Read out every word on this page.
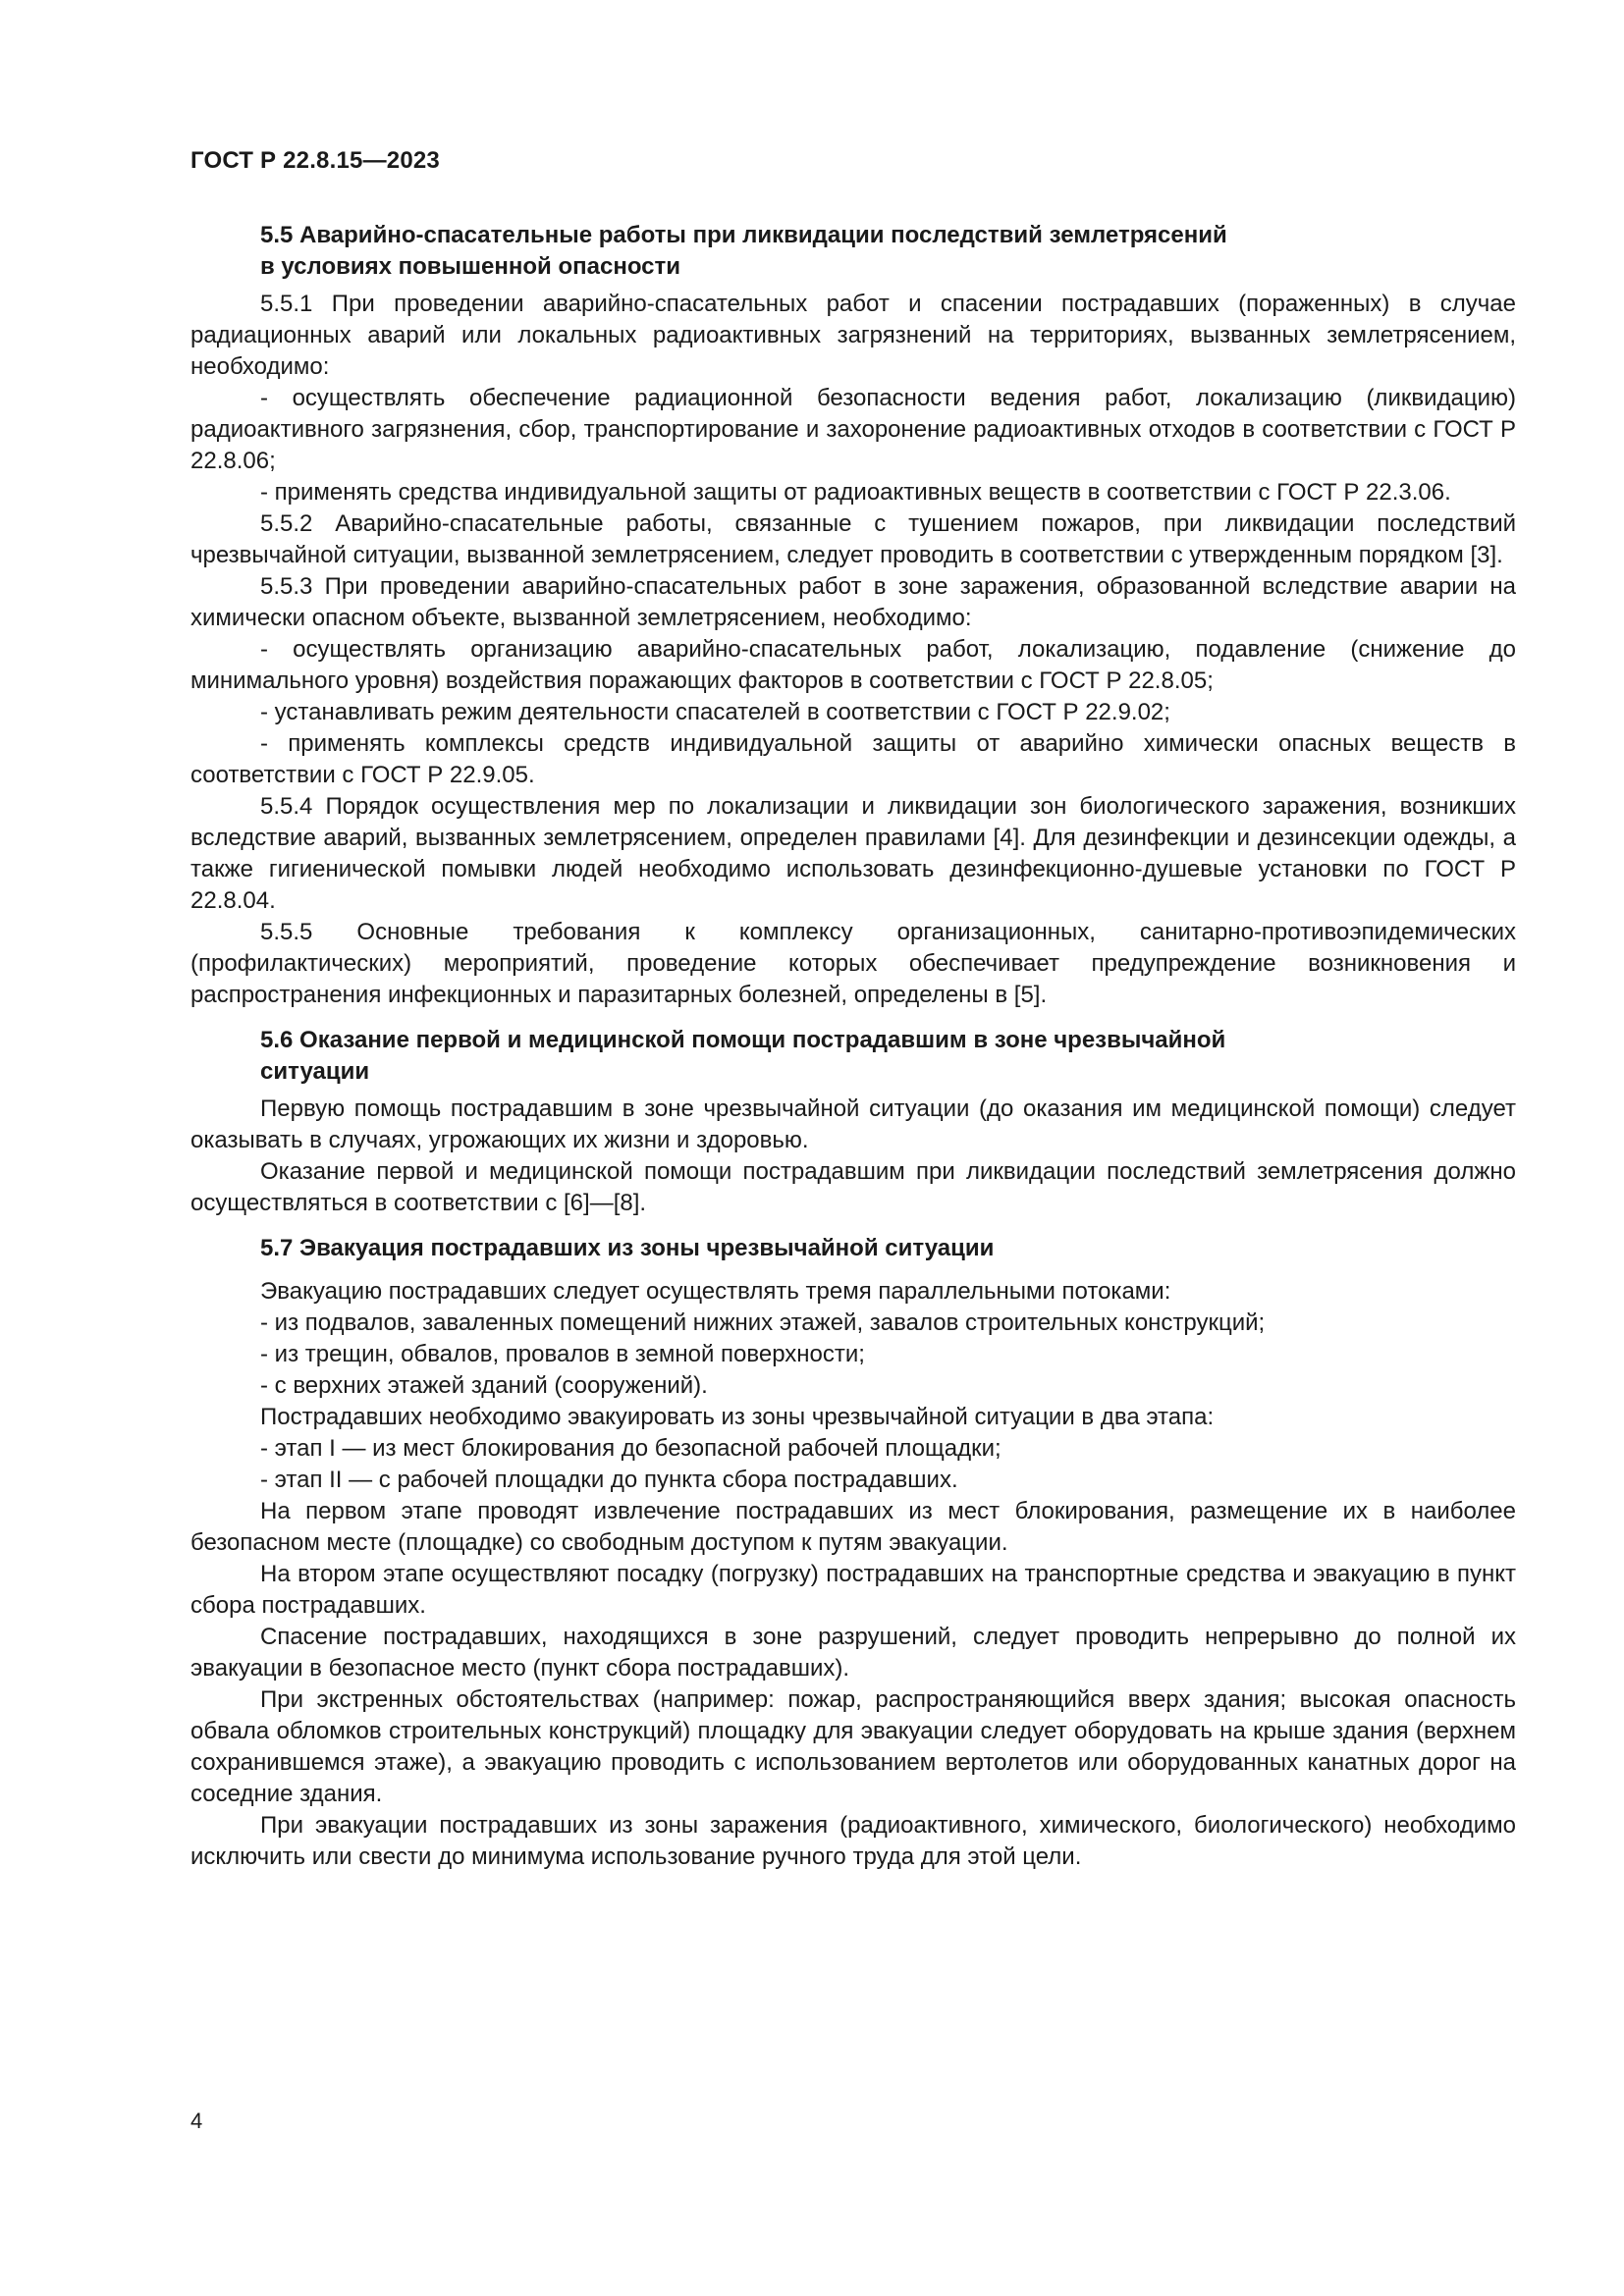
ГОСТ Р 22.8.15—2023
5.5 Аварийно-спасательные работы при ликвидации последствий землетрясений
в условиях повышенной опасности

5.5.1 При проведении аварийно-спасательных работ и спасении пострадавших (пораженных) в случае радиационных аварий или локальных радиоактивных загрязнений на территориях, вызванных землетрясением, необходимо:

- осуществлять обеспечение радиационной безопасности ведения работ, локализацию (ликвидацию) радиоактивного загрязнения, сбор, транспортирование и захоронение радиоактивных отходов в соответствии с ГОСТ Р 22.8.06;

- применять средства индивидуальной защиты от радиоактивных веществ в соответствии с ГОСТ Р 22.3.06.

5.5.2 Аварийно-спасательные работы, связанные с тушением пожаров, при ликвидации последствий чрезвычайной ситуации, вызванной землетрясением, следует проводить в соответствии с утвержденным порядком [3].

5.5.3 При проведении аварийно-спасательных работ в зоне заражения, образованной вследствие аварии на химически опасном объекте, вызванной землетрясением, необходимо:

- осуществлять организацию аварийно-спасательных работ, локализацию, подавление (снижение до минимального уровня) воздействия поражающих факторов в соответствии с ГОСТ Р 22.8.05;

- устанавливать режим деятельности спасателей в соответствии с ГОСТ Р 22.9.02;

- применять комплексы средств индивидуальной защиты от аварийно химически опасных веществ в соответствии с ГОСТ Р 22.9.05.

5.5.4 Порядок осуществления мер по локализации и ликвидации зон биологического заражения, возникших вследствие аварий, вызванных землетрясением, определен правилами [4]. Для дезинфекции и дезинсекции одежды, а также гигиенической помывки людей необходимо использовать дезинфекционно-душевые установки по ГОСТ Р 22.8.04.

5.5.5 Основные требования к комплексу организационных, санитарно-противоэпидемических (профилактических) мероприятий, проведение которых обеспечивает предупреждение возникновения и распространения инфекционных и паразитарных болезней, определены в [5].

5.6 Оказание первой и медицинской помощи пострадавшим в зоне чрезвычайной
ситуации

Первую помощь пострадавшим в зоне чрезвычайной ситуации (до оказания им медицинской помощи) следует оказывать в случаях, угрожающих их жизни и здоровью.

Оказание первой и медицинской помощи пострадавшим при ликвидации последствий землетрясения должно осуществляться в соответствии с [6]—[8].

5.7 Эвакуация пострадавших из зоны чрезвычайной ситуации

Эвакуацию пострадавших следует осуществлять тремя параллельными потоками:

- из подвалов, заваленных помещений нижних этажей, завалов строительных конструкций;

- из трещин, обвалов, провалов в земной поверхности;

- с верхних этажей зданий (сооружений).

Пострадавших необходимо эвакуировать из зоны чрезвычайной ситуации в два этапа:

- этап I — из мест блокирования до безопасной рабочей площадки;

- этап II — с рабочей площадки до пункта сбора пострадавших.

На первом этапе проводят извлечение пострадавших из мест блокирования, размещение их в наиболее безопасном месте (площадке) со свободным доступом к путям эвакуации.

На втором этапе осуществляют посадку (погрузку) пострадавших на транспортные средства и эвакуацию в пункт сбора пострадавших.

Спасение пострадавших, находящихся в зоне разрушений, следует проводить непрерывно до полной их эвакуации в безопасное место (пункт сбора пострадавших).

При экстренных обстоятельствах (например: пожар, распространяющийся вверх здания; высокая опасность обвала обломков строительных конструкций) площадку для эвакуации следует оборудовать на крыше здания (верхнем сохранившемся этаже), а эвакуацию проводить с использованием вертолетов или оборудованных канатных дорог на соседние здания.

При эвакуации пострадавших из зоны заражения (радиоактивного, химического, биологического) необходимо исключить или свести до минимума использование ручного труда для этой цели.

4
